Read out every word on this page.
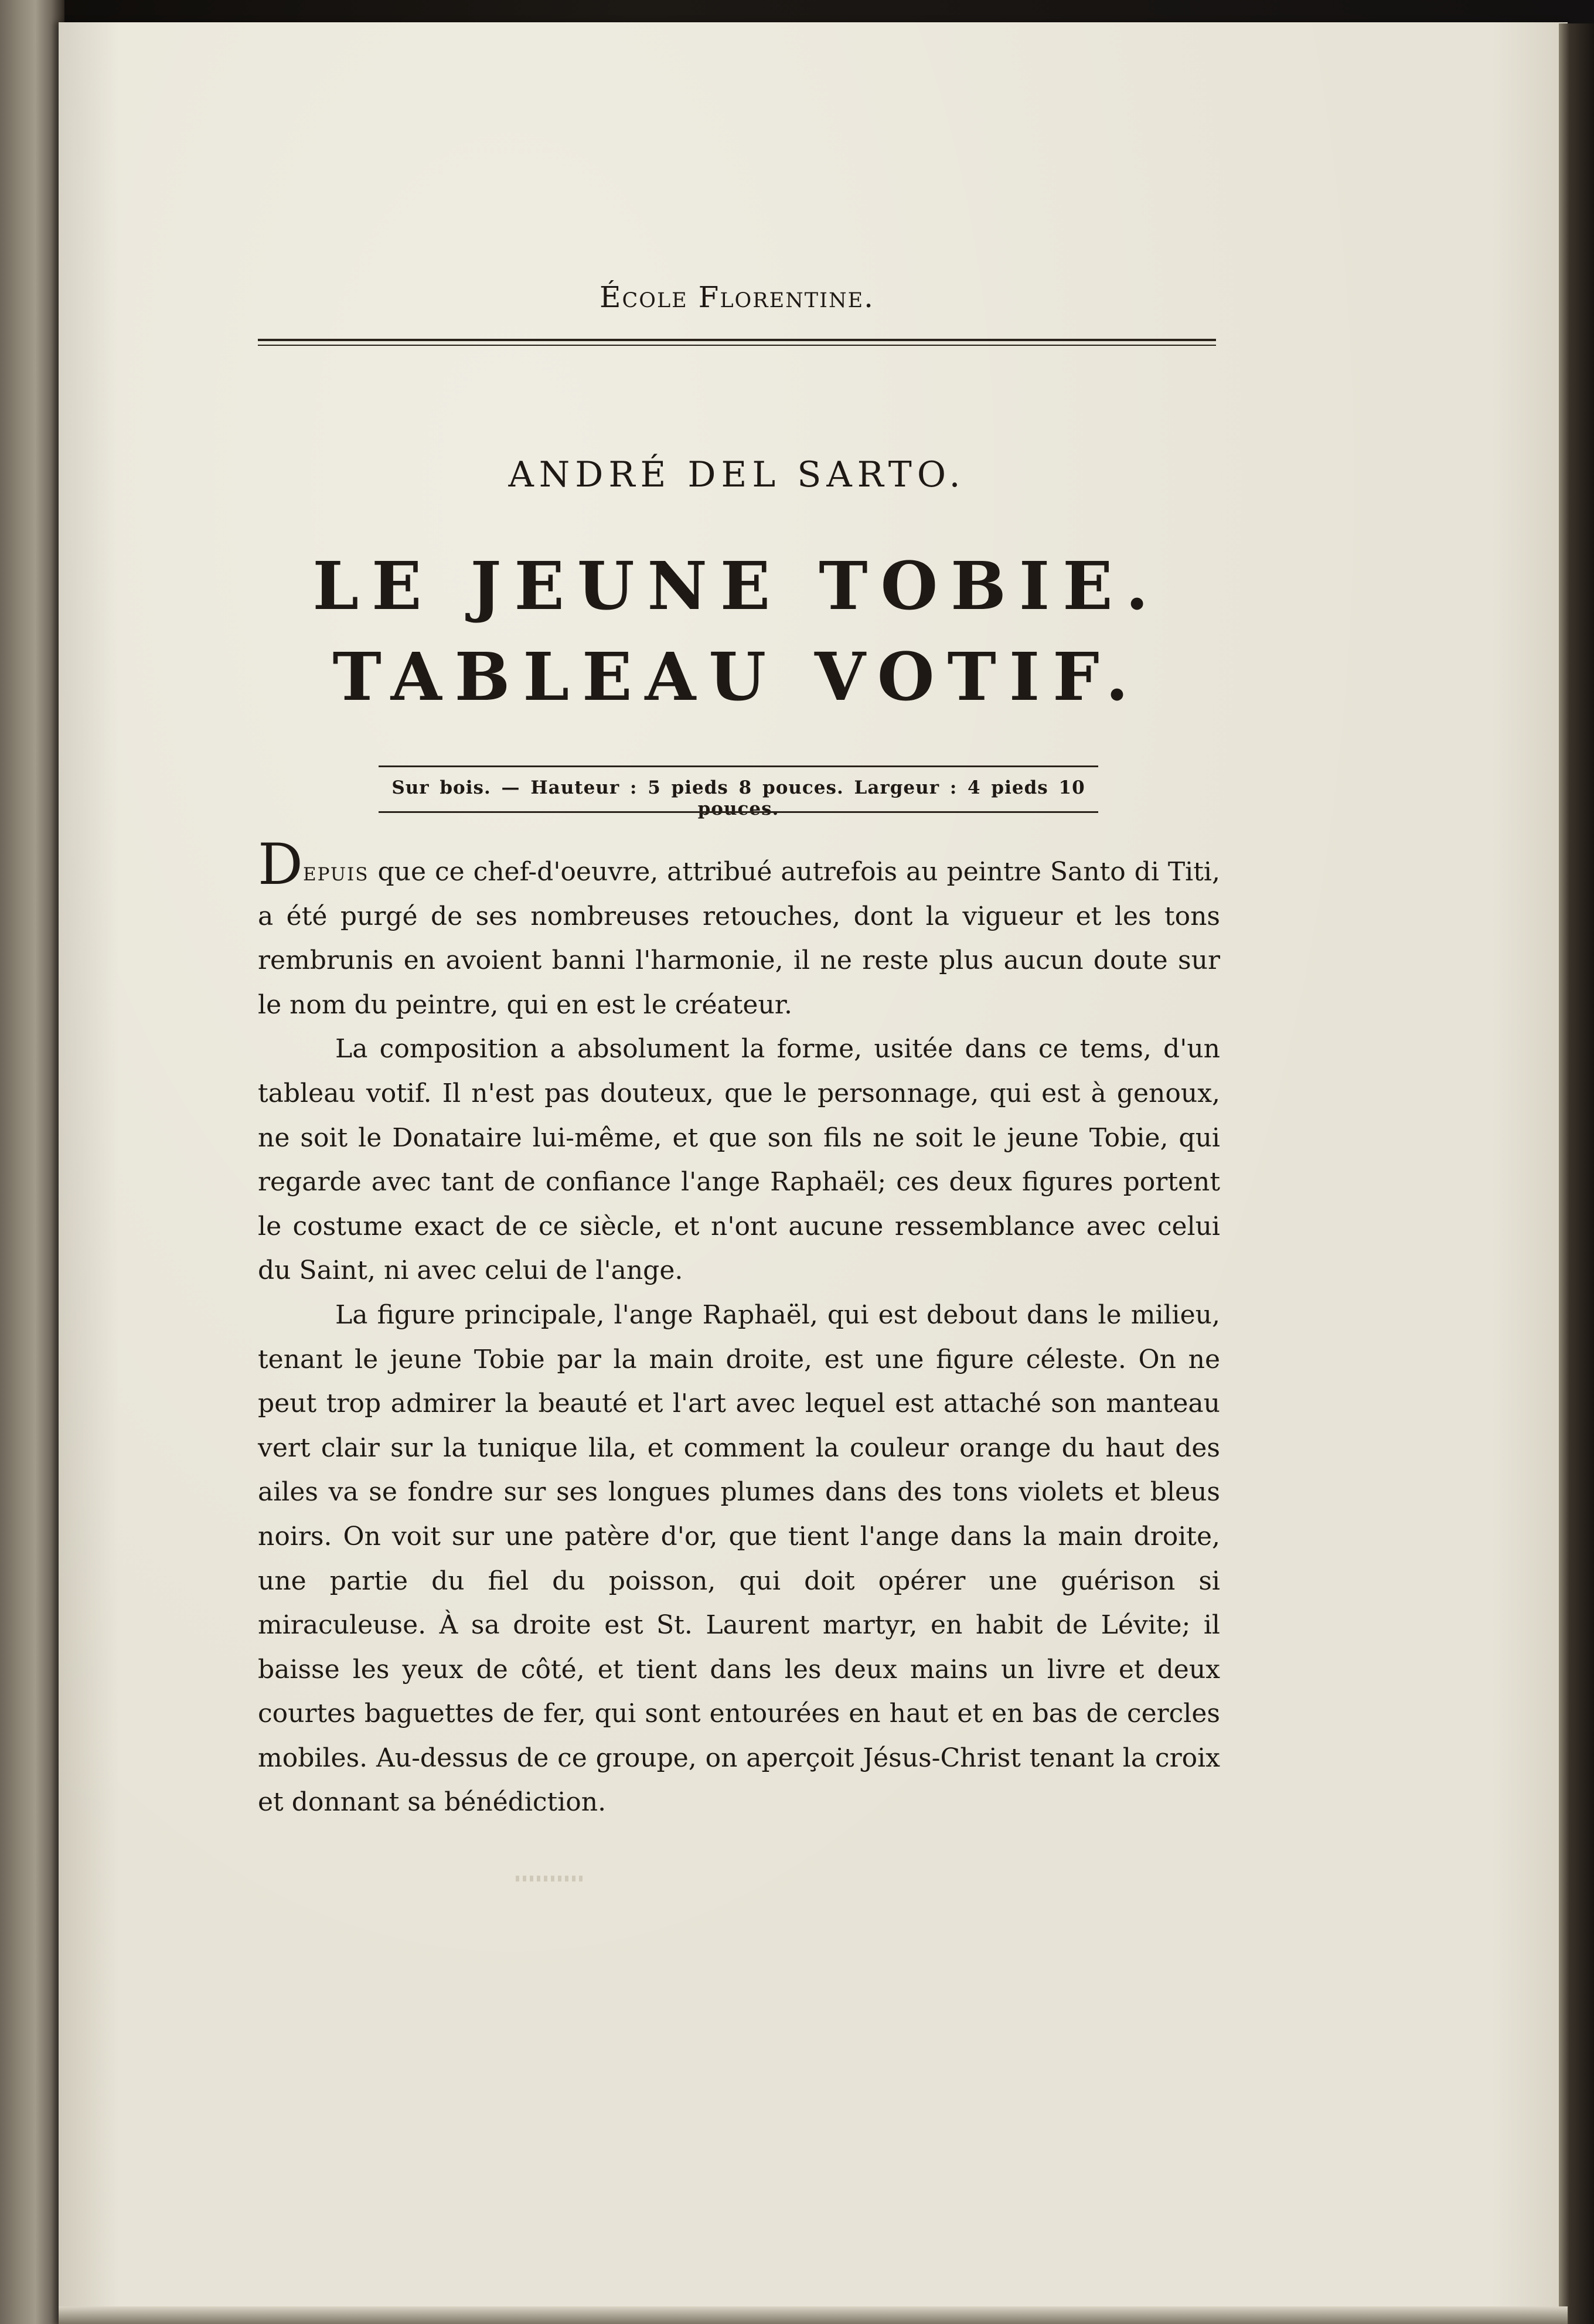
École Florentine.
ANDRÉ DEL SARTO.
LE JEUNE TOBIE.
TABLEAU VOTIF.
Sur bois. — Hauteur : 5 pieds 8 pouces. Largeur : 4 pieds 10 pouces.

Depuis que ce chef-d'oeuvre, attribué autrefois au peintre Santo di Titi, a été purgé de ses nombreuses retouches, dont la vigueur et les tons rembrunis en avoient banni l'harmonie, il ne reste plus aucun doute sur le nom du peintre, qui en est le créateur.

La composition a absolument la forme, usitée dans ce tems, d'un tableau votif. Il n'est pas douteux, que le personnage, qui est à genoux, ne soit le Donataire lui-même, et que son fils ne soit le jeune Tobie, qui regarde avec tant de confiance l'ange Raphaël; ces deux figures portent le costume exact de ce siècle, et n'ont aucune ressemblance avec celui du Saint, ni avec celui de l'ange.

La figure principale, l'ange Raphaël, qui est debout dans le milieu, tenant le jeune Tobie par la main droite, est une figure céleste. On ne peut trop admirer la beauté et l'art avec lequel est attaché son manteau vert clair sur la tunique lila, et comment la couleur orange du haut des ailes va se fondre sur ses longues plumes dans des tons violets et bleus noirs. On voit sur une patère d'or, que tient l'ange dans la main droite, une partie du fiel du poisson, qui doit opérer une guérison si miraculeuse. À sa droite est St. Laurent martyr, en habit de Lévite; il baisse les yeux de côté, et tient dans les deux mains un livre et deux courtes baguettes de fer, qui sont entourées en haut et en bas de cercles mobiles. Au-dessus de ce groupe, on aperçoit Jésus-Christ tenant la croix et donnant sa bénédiction.
